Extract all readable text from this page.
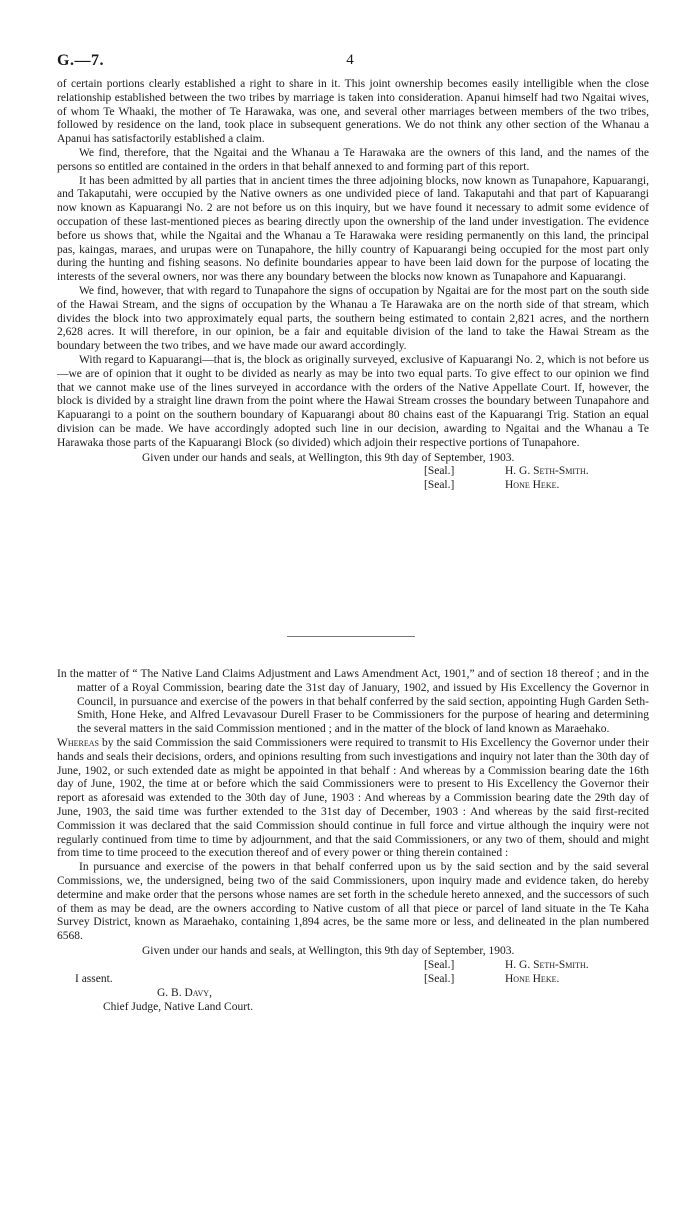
G.—7.	4

of certain portions clearly established a right to share in it. This joint ownership becomes easily intelligible when the close relationship established between the two tribes by marriage is taken into consideration. Apanui himself had two Ngaitai wives, of whom Te Whaaki, the mother of Te Harawaka, was one, and several other marriages between members of the two tribes, followed by residence on the land, took place in subsequent generations. We do not think any other section of the Whanau a Apanui has satisfactorily established a claim.

We find, therefore, that the Ngaitai and the Whanau a Te Harawaka are the owners of this land, and the names of the persons so entitled are contained in the orders in that behalf annexed to and forming part of this report.

It has been admitted by all parties that in ancient times the three adjoining blocks, now known as Tunapahore, Kapuarangi, and Takaputahi, were occupied by the Native owners as one undivided piece of land. Takaputahi and that part of Kapuarangi now known as Kapuarangi No. 2 are not before us on this inquiry, but we have found it necessary to admit some evidence of occupation of these last-mentioned pieces as bearing directly upon the ownership of the land under investigation. The evidence before us shows that, while the Ngaitai and the Whanau a Te Harawaka were residing permanently on this land, the principal pas, kaingas, maraes, and urupas were on Tunapahore, the hilly country of Kapuarangi being occupied for the most part only during the hunting and fishing seasons. No definite boundaries appear to have been laid down for the purpose of locating the interests of the several owners, nor was there any boundary between the blocks now known as Tunapahore and Kapuarangi.

We find, however, that with regard to Tunapahore the signs of occupation by Ngaitai are for the most part on the south side of the Hawai Stream, and the signs of occupation by the Whanau a Te Harawaka are on the north side of that stream, which divides the block into two approximately equal parts, the southern being estimated to contain 2,821 acres, and the northern 2,628 acres. It will therefore, in our opinion, be a fair and equitable division of the land to take the Hawai Stream as the boundary between the two tribes, and we have made our award accordingly.

With regard to Kapuarangi—that is, the block as originally surveyed, exclusive of Kapuarangi No. 2, which is not before us—we are of opinion that it ought to be divided as nearly as may be into two equal parts. To give effect to our opinion we find that we cannot make use of the lines surveyed in accordance with the orders of the Native Appellate Court. If, however, the block is divided by a straight line drawn from the point where the Hawai Stream crosses the boundary between Tunapahore and Kapuarangi to a point on the southern boundary of Kapuarangi about 80 chains east of the Kapuarangi Trig. Station an equal division can be made. We have accordingly adopted such line in our decision, awarding to Ngaitai and the Whanau a Te Harawaka those parts of the Kapuarangi Block (so divided) which adjoin their respective portions of Tunapahore.

Given under our hands and seals, at Wellington, this 9th day of September, 1903.

[Seal.]	H. G. Seth-Smith.
[Seal.]	Hone Heke.

In the matter of “ The Native Land Claims Adjustment and Laws Amendment Act, 1901,” and of section 18 thereof ; and in the matter of a Royal Commission, bearing date the 31st day of January, 1902, and issued by His Excellency the Governor in Council, in pursuance and exercise of the powers in that behalf conferred by the said section, appointing Hugh Garden Seth-Smith, Hone Heke, and Alfred Levavasour Durell Fraser to be Commissioners for the purpose of hearing and determining the several matters in the said Commission mentioned ; and in the matter of the block of land known as Maraehako.

Whereas by the said Commission the said Commissioners were required to transmit to His Excellency the Governor under their hands and seals their decisions, orders, and opinions resulting from such investigations and inquiry not later than the 30th day of June, 1902, or such extended date as might be appointed in that behalf : And whereas by a Commission bearing date the 16th day of June, 1902, the time at or before which the said Commissioners were to present to His Excellency the Governor their report as aforesaid was extended to the 30th day of June, 1903 : And whereas by a Commission bearing date the 29th day of June, 1903, the said time was further extended to the 31st day of December, 1903 : And whereas by the said first-recited Commission it was declared that the said Commission should continue in full force and virtue although the inquiry were not regularly continued from time to time by adjournment, and that the said Commissioners, or any two of them, should and might from time to time proceed to the execution thereof and of every power or thing therein contained :

In pursuance and exercise of the powers in that behalf conferred upon us by the said section and by the said several Commissions, we, the undersigned, being two of the said Commissioners, upon inquiry made and evidence taken, do hereby determine and make order that the persons whose names are set forth in the schedule hereto annexed, and the successors of such of them as may be dead, are the owners according to Native custom of all that piece or parcel of land situate in the Te Kaha Survey District, known as Maraehako, containing 1,894 acres, be the same more or less, and delineated in the plan numbered 6568.

Given under our hands and seals, at Wellington, this 9th day of September, 1903.

[Seal.]	H. G. Seth-Smith.
[Seal.]	Hone Heke.
I assent.
G. B. Davy,
Chief Judge, Native Land Court.
